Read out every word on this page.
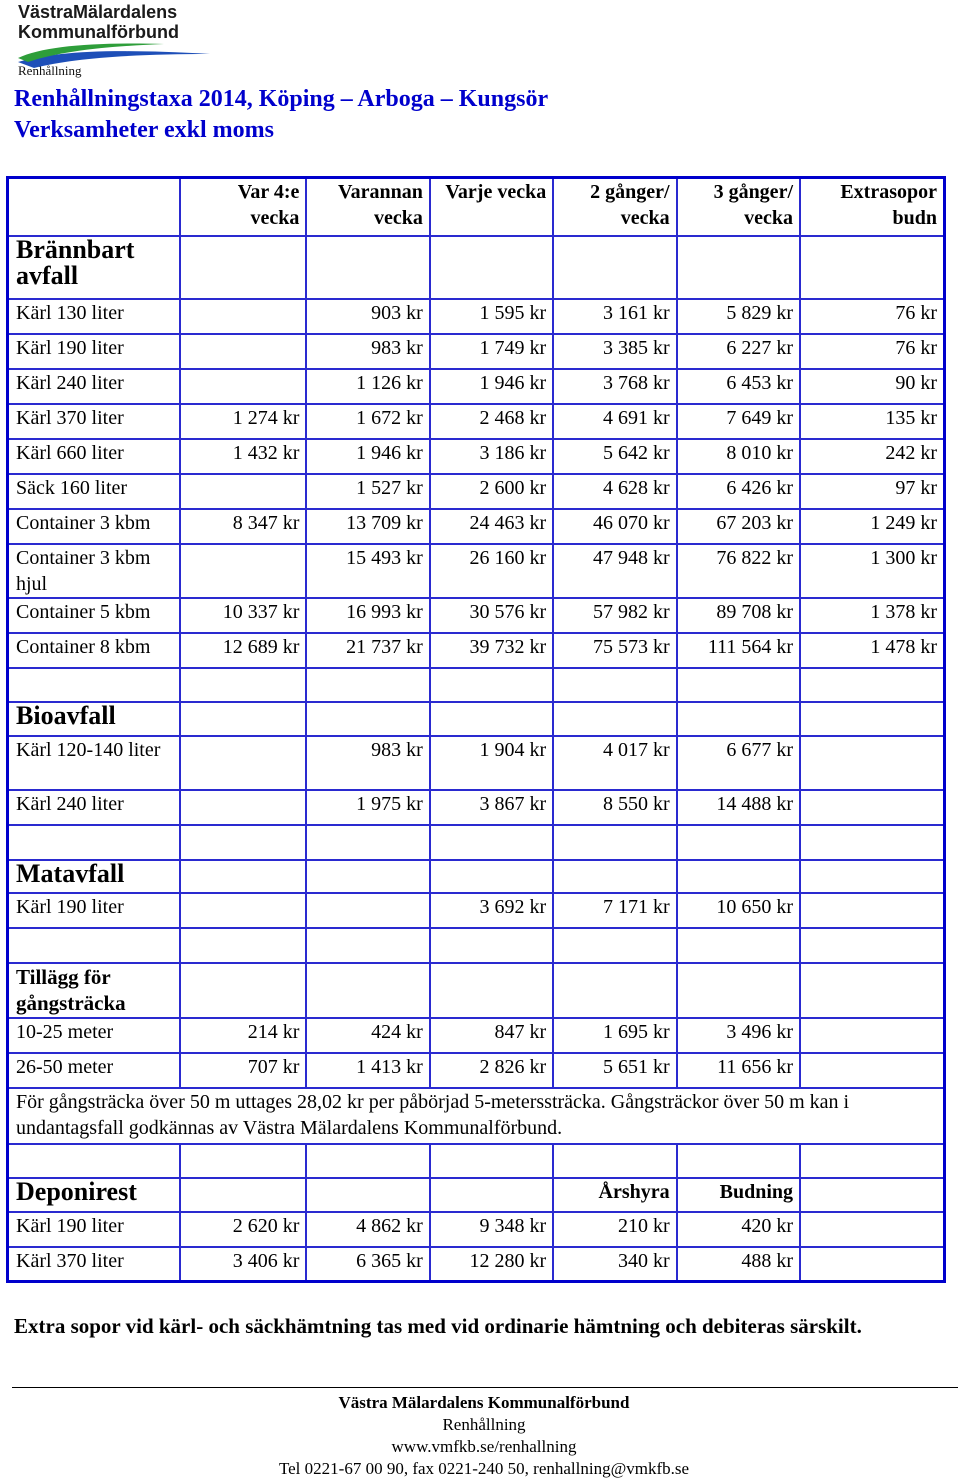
VästraMälardalens
Kommunalförbund
Renhållning
Renhållningstaxa 2014, Köping – Arboga – Kungsör
Verksamheter exkl moms
	Var 4:e vecka	Varannan vecka	Varje vecka	2 gånger/ vecka	3 gånger/ vecka	Extrasopor budn
Brännbart avfall						
Kärl 130 liter		903 kr	1 595 kr	3 161 kr	5 829 kr	76 kr
Kärl 190 liter		983 kr	1 749 kr	3 385 kr	6 227 kr	76 kr
Kärl 240 liter		1 126 kr	1 946 kr	3 768 kr	6 453 kr	90 kr
Kärl 370 liter	1 274 kr	1 672 kr	2 468 kr	4 691 kr	7 649 kr	135 kr
Kärl 660 liter	1 432 kr	1 946 kr	3 186 kr	5 642 kr	8 010 kr	242 kr
Säck 160 liter		1 527 kr	2 600 kr	4 628 kr	6 426 kr	97 kr
Container 3 kbm	8 347 kr	13 709 kr	24 463 kr	46 070 kr	67 203 kr	1 249 kr
Container 3 kbm hjul		15 493 kr	26 160 kr	47 948 kr	76 822 kr	1 300 kr
Container 5 kbm	10 337 kr	16 993 kr	30 576 kr	57 982 kr	89 708 kr	1 378 kr
Container 8 kbm	12 689 kr	21 737 kr	39 732 kr	75 573 kr	111 564 kr	1 478 kr

Bioavfall						
Kärl 120-140 liter		983 kr	1 904 kr	4 017 kr	6 677 kr	
Kärl 240 liter		1 975 kr	3 867 kr	8 550 kr	14 488 kr	

Matavfall						
Kärl 190 liter			3 692 kr	7 171 kr	10 650 kr	

Tillägg för gångsträcka						
10-25 meter	214 kr	424 kr	847 kr	1 695 kr	3 496 kr	
26-50 meter	707 kr	1 413 kr	2 826 kr	5 651 kr	11 656 kr	
För gångsträcka över 50 m uttages 28,02 kr per påbörjad 5-meterssträcka. Gångsträckor över 50 m kan i undantagsfall godkännas av Västra Mälardalens Kommunalförbund.						

Deponirest				Årshyra	Budning	
Kärl 190 liter	2 620 kr	4 862 kr	9 348 kr	210 kr	420 kr	
Kärl 370 liter	3 406 kr	6 365 kr	12 280 kr	340 kr	488 kr	
Extra sopor vid kärl- och säckhämtning tas med vid ordinarie hämtning och debiteras särskilt.
Västra Mälardalens Kommunalförbund
Renhållning
www.vmfkb.se/renhallning
Tel 0221-67 00 90, fax 0221-240 50, renhallning@vmkfb.se
